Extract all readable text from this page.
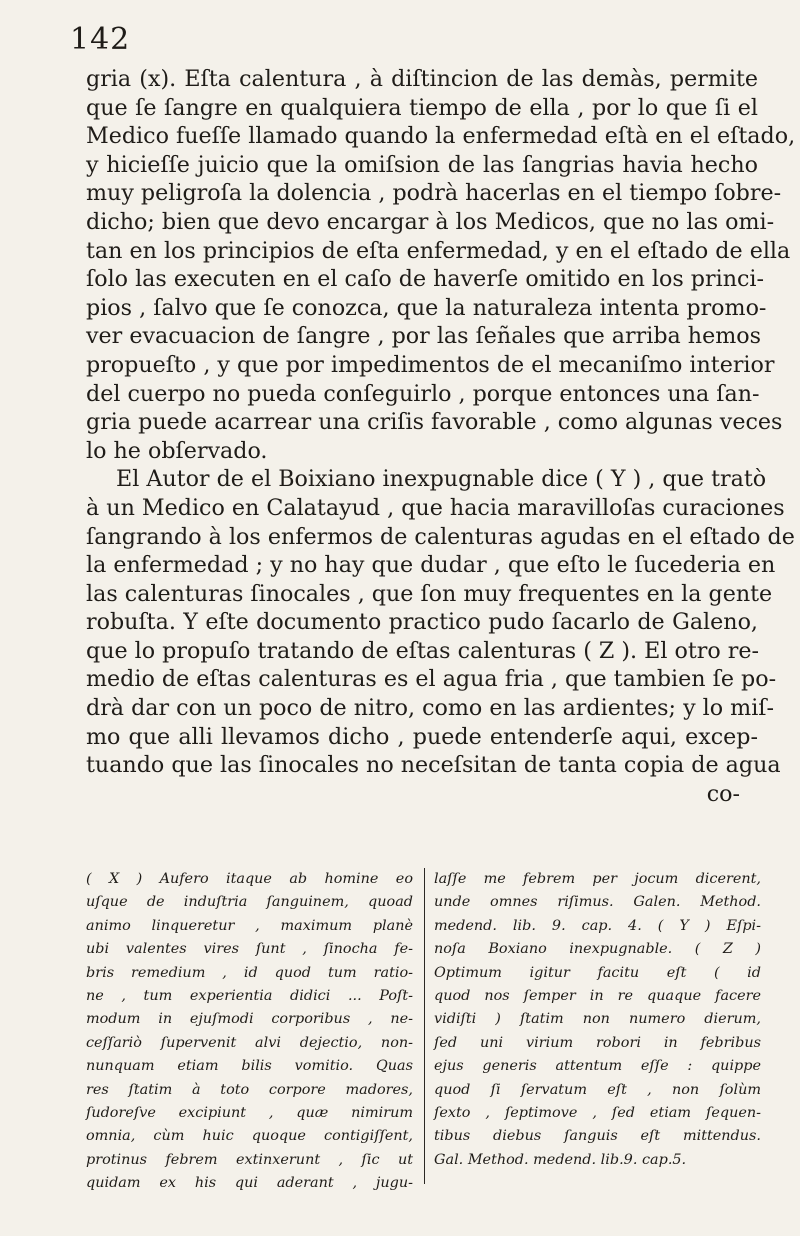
142
gria (x). Eſta calentura , à diſtincion de las demàs, permite
que ſe ſangre en qualquiera tiempo de ella , por lo que ſi el
Medico fueſſe llamado quando la enfermedad eſtà en el eſtado,
y hicieſſe juicio que la omiſsion de las ſangrias havia hecho
muy peligroſa la dolencia , podrà hacerlas en el tiempo ſobre-
dicho; bien que devo encargar à los Medicos, que no las omi-
tan en los principios de eſta enfermedad, y en el eſtado de ella
ſolo las executen en el caſo de haverſe omitido en los princi-
pios , ſalvo que ſe conozca, que la naturaleza intenta promo-
ver evacuacion de ſangre , por las ſeñales que arriba hemos
propueſto , y que por impedimentos de el mecaniſmo interior
del cuerpo no pueda conſeguirlo , porque entonces una ſan-
gria puede acarrear una criſis favorable , como algunas veces
lo he obſervado.
El Autor de el Boixiano inexpugnable dice ( Y ) , que tratò
à un Medico en Calatayud , que hacia maravilloſas curaciones
ſangrando à los enfermos de calenturas agudas en el eſtado de
la enfermedad ; y no hay que dudar , que eſto le ſucederia en
las calenturas ſinocales , que ſon muy frequentes en la gente
robuſta. Y eſte documento practico pudo ſacarlo de Galeno,
que lo propuſo tratando de eſtas calenturas ( Z ). El otro re-
medio de eſtas calenturas es el agua fria , que tambien ſe po-
drà dar con un poco de nitro, como en las ardientes; y lo miſ-
mo que alli llevamos dicho , puede entenderſe aqui, excep-
tuando que las ſinocales no neceſsitan de tanta copia de agua
co-
( X ) Aufero itaque ab homine eo
uſque de induſtria ſanguinem, quoad
animo linqueretur , maximum planè
ubi valentes vires ſunt , ſinocha fe-
bris remedium , id quod tum ratio-
ne , tum experientia didici ... Poſt-
modum in ejuſmodi corporibus , ne-
ceſſariò ſupervenit alvi dejectio, non-
nunquam etiam bilis vomitio. Quas
res ſtatim à toto corpore madores,
ſudoreſve excipiunt , quæ nimirum
omnia, cùm huic quoque contigiſſent,
protinus febrem extinxerunt , ſic ut
quidam ex his qui aderant , jugu-
laſſe me febrem per jocum dicerent,
unde omnes riſimus. Galen. Method.
medend. lib. 9. cap. 4. ( Y ) Eſpi-
noſa Boxiano inexpugnable. ( Z )
Optimum igitur facitu eſt ( id
quod nos ſemper in re quaque facere
vidiſti ) ſtatim non numero dierum,
ſed uni virium robori in febribus
ejus generis attentum eſſe : quippe
quod ſi ſervatum eſt , non ſolùm
ſexto , ſeptimove , ſed etiam ſequen-
tibus diebus ſanguis eſt mittendus.
Gal. Method. medend. lib.9. cap.5.
